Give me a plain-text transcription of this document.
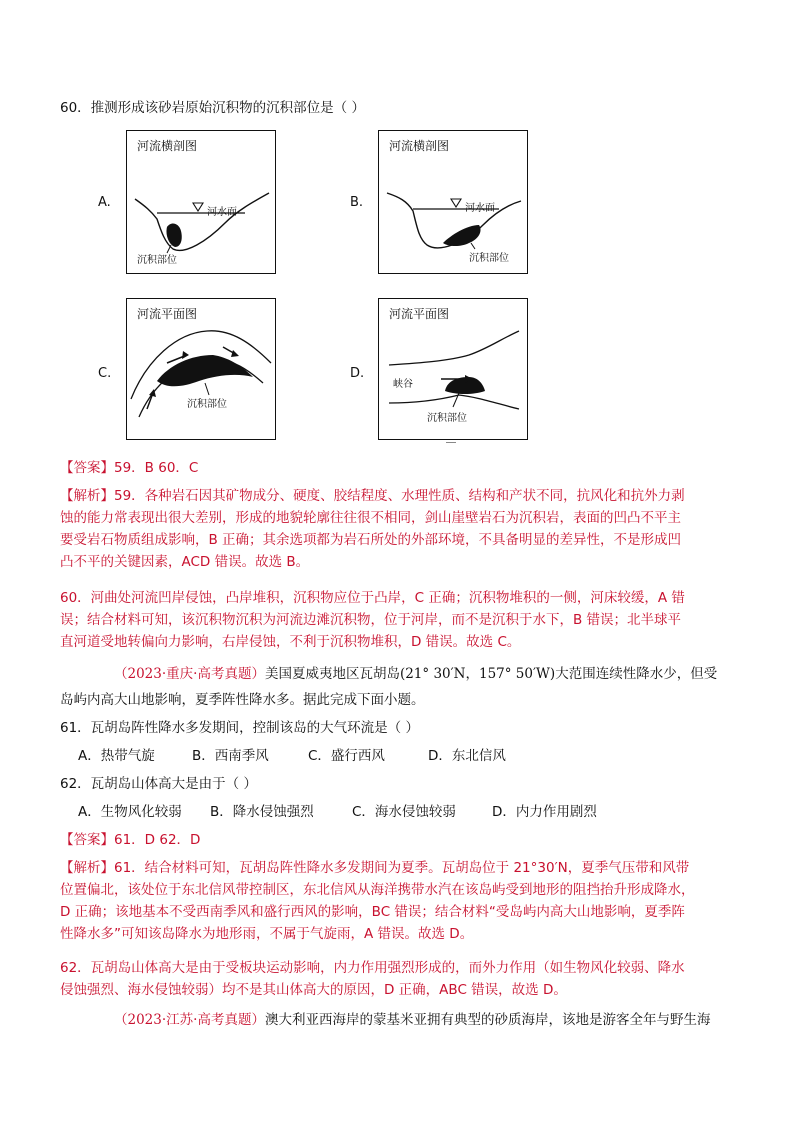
60．推测形成该砂岩原始沉积物的沉积部位是（ ）
A.
河流横剖图
河水面
沉积部位
B.
河流横剖图
河水面
沉积部位
C.
河流平面图
沉积部位
D.
河流平面图
峡谷
沉积部位
【答案】59．B 60．C
【解析】59．各种岩石因其矿物成分、硬度、胶结程度、水理性质、结构和产状不同，抗风化和抗外力剥
蚀的能力常表现出很大差别，形成的地貌轮廓往往很不相同，剑山崖壁岩石为沉积岩，表面的凹凸不平主
要受岩石物质组成影响，B 正确；其余选项都为岩石所处的外部环境，不具备明显的差异性，不是形成凹
凸不平的关键因素，ACD 错误。故选 B。
60．河曲处河流凹岸侵蚀，凸岸堆积，沉积物应位于凸岸，C 正确；沉积物堆积的一侧，河床较缓，A 错
误；结合材料可知，该沉积物沉积为河流边滩沉积物，位于河岸，而不是沉积于水下，B 错误；北半球平
直河道受地转偏向力影响，右岸侵蚀，不利于沉积物堆积，D 错误。故选 C。
（2023·重庆·高考真题）美国夏威夷地区瓦胡岛(21° 30′N，157° 50′W)大范围连续性降水少，但受
岛屿内高大山地影响，夏季阵性降水多。据此完成下面小题。
61．瓦胡岛阵性降水多发期间，控制该岛的大气环流是（ ）
A．热带气旋	B．西南季风	C．盛行西风	D．东北信风
62．瓦胡岛山体高大是由于（ ）
A．生物风化较弱 B．降水侵蚀强烈	C．海水侵蚀较弱	D．内力作用剧烈
【答案】61．D 62．D
【解析】61．结合材料可知，瓦胡岛阵性降水多发期间为夏季。瓦胡岛位于 21°30′N，夏季气压带和风带
位置偏北，该处位于东北信风带控制区，东北信风从海洋携带水汽在该岛屿受到地形的阻挡抬升形成降水，
D 正确；该地基本不受西南季风和盛行西风的影响，BC 错误；结合材料“受岛屿内高大山地影响，夏季阵
性降水多”可知该岛降水为地形雨，不属于气旋雨，A 错误。故选 D。
62．瓦胡岛山体高大是由于受板块运动影响，内力作用强烈形成的，而外力作用（如生物风化较弱、降水
侵蚀强烈、海水侵蚀较弱）均不是其山体高大的原因，D 正确，ABC 错误，故选 D。
（2023·江苏·高考真题）澳大利亚西海岸的蒙基米亚拥有典型的砂质海岸，该地是游客全年与野生海
